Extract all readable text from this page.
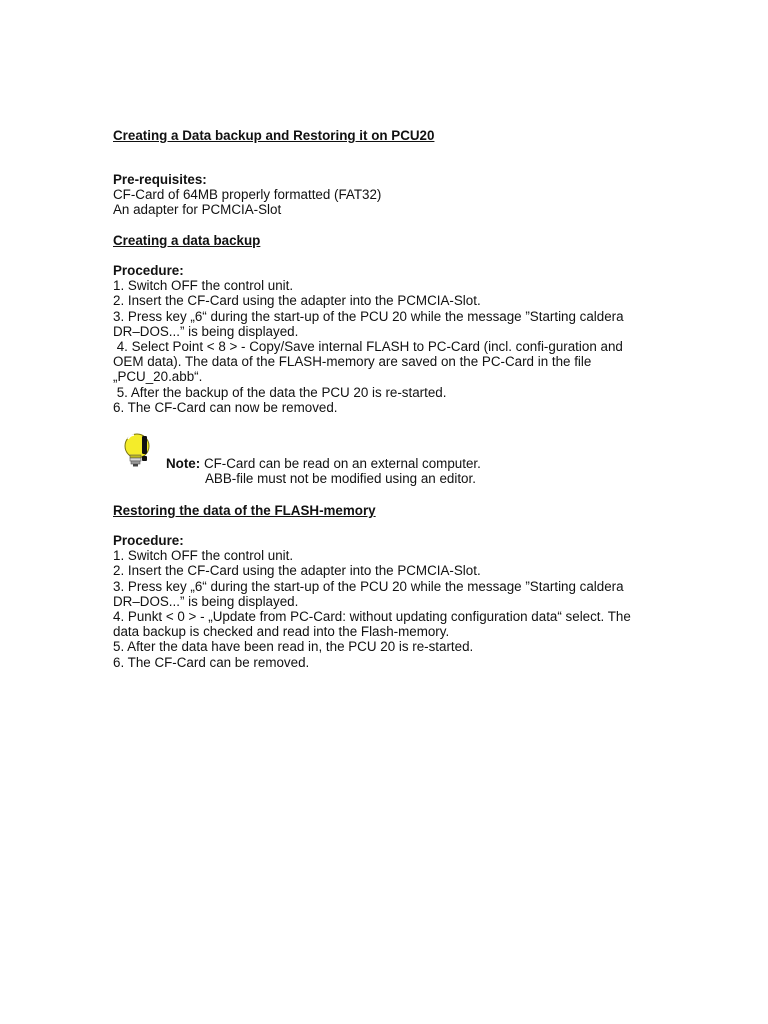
Creating a Data backup and Restoring it on PCU20
Pre-requisites:
CF-Card of 64MB properly formatted (FAT32)
An adapter for PCMCIA-Slot
Creating a data backup
Procedure:
1. Switch OFF the control unit.
2. Insert the CF-Card using the adapter into the PCMCIA-Slot.
3. Press key „6“ during the start-up of the PCU 20 while the message ”Starting caldera
DR–DOS...” is being displayed.
4. Select Point < 8 > - Copy/Save internal FLASH to PC-Card (incl. confi-guration and
OEM data). The data of the FLASH-memory are saved on the PC-Card in the file
„PCU_20.abb“.
5. After the backup of the data the PCU 20 is re-started.
6. The CF-Card can now be removed.
Note: CF-Card can be read on an external computer.
ABB-file must not be modified using an editor.
Restoring the data of the FLASH-memory
Procedure:
1. Switch OFF the control unit.
2. Insert the CF-Card using the adapter into the PCMCIA-Slot.
3. Press key „6“ during the start-up of the PCU 20 while the message ”Starting caldera
DR–DOS...” is being displayed.
4. Punkt < 0 > - „Update from PC-Card: without updating configuration data“ select. The
data backup is checked and read into the Flash-memory.
5. After the data have been read in, the PCU 20 is re-started.
6. The CF-Card can be removed.
